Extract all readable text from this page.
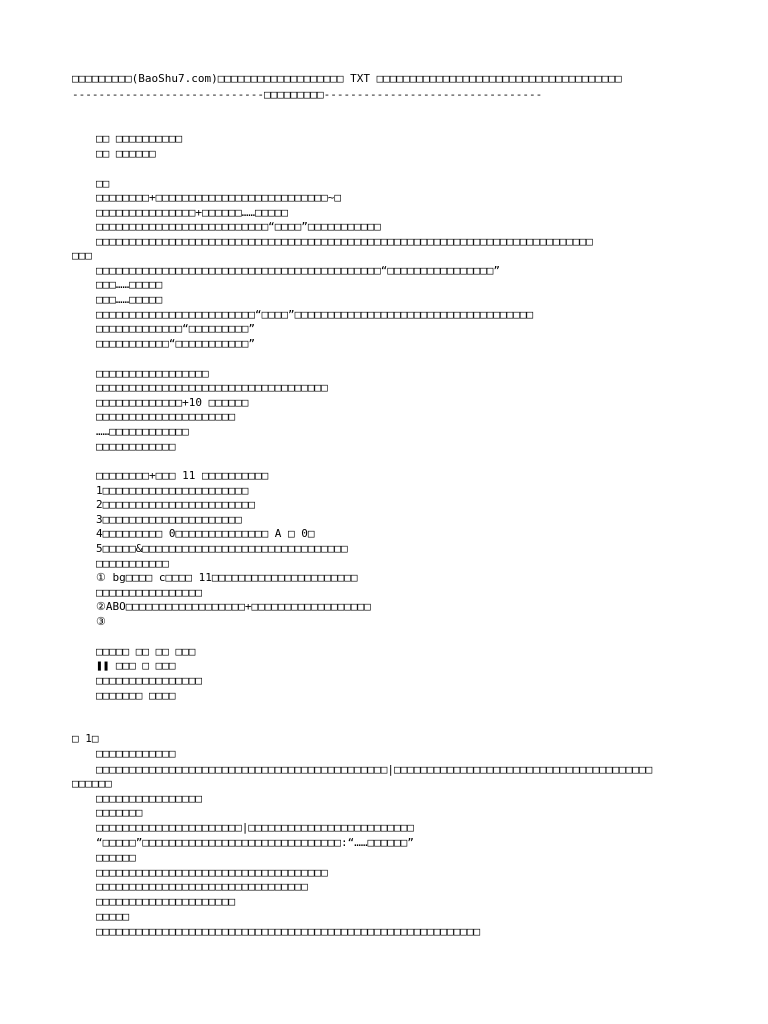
□□□□□□□□□(BaoShu7.com)□□□□□□□□□□□□□□□□□□□ TXT □□□□□□□□□□□□□□□□□□□□□□□□□□□□□□□□□□□□□
-----------------------------□□□□□□□□□---------------------------------
□□ □□□□□□□□□□
□□ □□□□□□
□□
□□□□□□□□+□□□□□□□□□□□□□□□□□□□□□□□□□□~□
□□□□□□□□□□□□□□□+□□□□□□……□□□□□
□□□□□□□□□□□□□□□□□□□□□□□□□□“□□□□”□□□□□□□□□□□
□□□□□□□□□□□□□□□□□□□□□□□□□□□□□□□□□□□□□□□□□□□□□□□□□□□□□□□□□□□□□□□□□□□□□□□□□□□
□□□
□□□□□□□□□□□□□□□□□□□□□□□□□□□□□□□□□□□□□□□□□□□“□□□□□□□□□□□□□□□□”
□□□……□□□□□
□□□……□□□□□
□□□□□□□□□□□□□□□□□□□□□□□□“□□□□”□□□□□□□□□□□□□□□□□□□□□□□□□□□□□□□□□□□□
□□□□□□□□□□□□□“□□□□□□□□□”
□□□□□□□□□□□“□□□□□□□□□□□”
□□□□□□□□□□□□□□□□□
□□□□□□□□□□□□□□□□□□□□□□□□□□□□□□□□□□□
□□□□□□□□□□□□□+10 □□□□□□
□□□□□□□□□□□□□□□□□□□□□
……□□□□□□□□□□□□
□□□□□□□□□□□□
□□□□□□□□+□□□ 11 □□□□□□□□□□
1□□□□□□□□□□□□□□□□□□□□□□
2□□□□□□□□□□□□□□□□□□□□□□□
3□□□□□□□□□□□□□□□□□□□□□
4□□□□□□□□□ 0□□□□□□□□□□□□□□ A □ 0□
5□□□□□&□□□□□□□□□□□□□□□□□□□□□□□□□□□□□□□
□□□□□□□□□□□
① bg□□□□ c□□□□ 11□□□□□□□□□□□□□□□□□□□□□□
□□□□□□□□□□□□□□□□
②ABO□□□□□□□□□□□□□□□□□□+□□□□□□□□□□□□□□□□□□
③
□□□□□ □□ □□ □□□
❚❚ □□□ □ □□□
□□□□□□□□□□□□□□□□
□□□□□□□ □□□□
□ 1□
□□□□□□□□□□□□
□□□□□□□□□□□□□□□□□□□□□□□□□□□□□□□□□□□□□□□□□□□□|□□□□□□□□□□□□□□□□□□□□□□□□□□□□□□□□□□□□□□□
□□□□□□
□□□□□□□□□□□□□□□□
□□□□□□□
□□□□□□□□□□□□□□□□□□□□□□|□□□□□□□□□□□□□□□□□□□□□□□□□
“□□□□□”□□□□□□□□□□□□□□□□□□□□□□□□□□□□□□:“……□□□□□□”
□□□□□□
□□□□□□□□□□□□□□□□□□□□□□□□□□□□□□□□□□□
□□□□□□□□□□□□□□□□□□□□□□□□□□□□□□□□
□□□□□□□□□□□□□□□□□□□□□
□□□□□
□□□□□□□□□□□□□□□□□□□□□□□□□□□□□□□□□□□□□□□□□□□□□□□□□□□□□□□□□□
